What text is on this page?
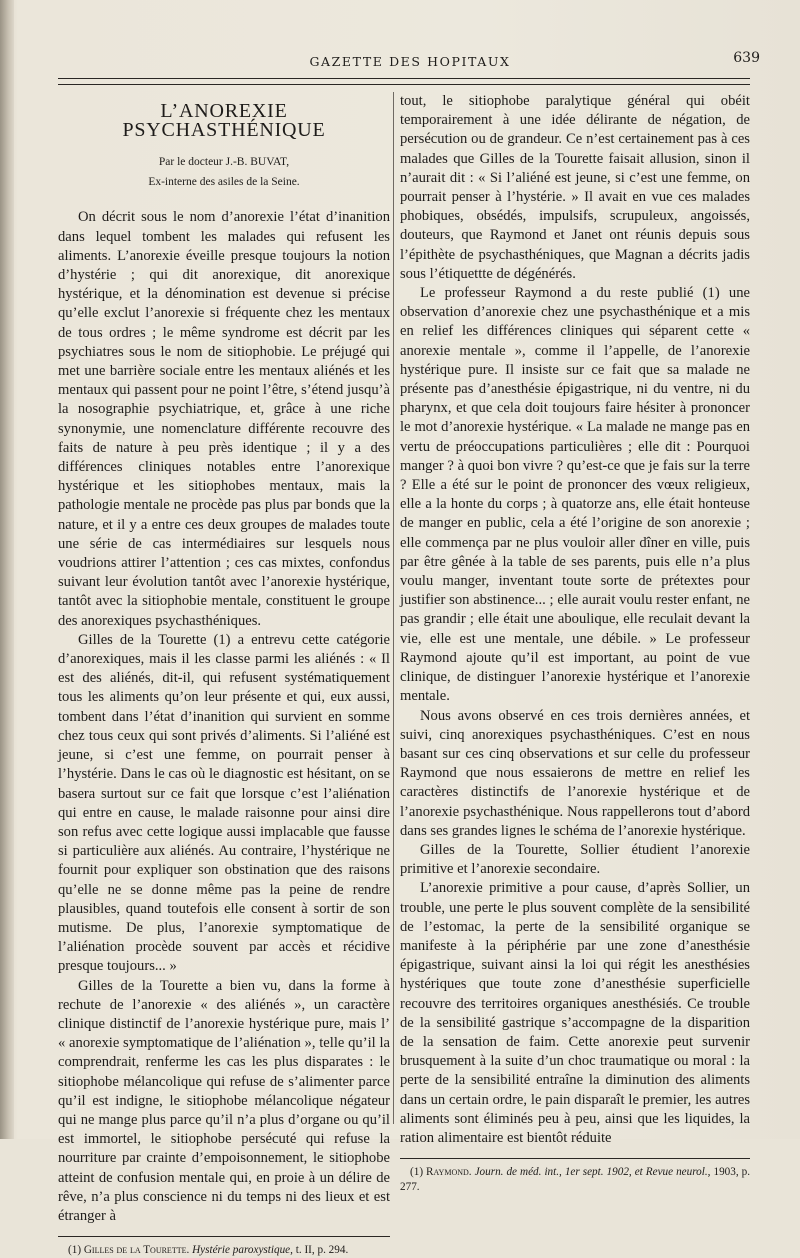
GAZETTE DES HOPITAUX	639
L’ANOREXIE PSYCHASTHÉNIQUE
Par le docteur J.-B. BUVAT,
Ex-interne des asiles de la Seine.

On décrit sous le nom d’anorexie l’état d’inanition dans lequel tombent les malades qui refusent les aliments. L’anorexie éveille presque toujours la notion d’hystérie ; qui dit anorexique, dit anorexique hystérique, et la dénomination est devenue si précise qu’elle exclut l’anorexie si fréquente chez les mentaux de tous ordres ; le même syndrome est décrit par les psychiatres sous le nom de sitiophobie. Le préjugé qui met une barrière sociale entre les mentaux aliénés et les mentaux qui passent pour ne point l’être, s’étend jusqu’à la nosographie psychiatrique, et, grâce à une riche synonymie, une nomenclature différente recouvre des faits de nature à peu près identique ; il y a des différences cliniques notables entre l’anorexique hystérique et les sitiophobes mentaux, mais la pathologie mentale ne procède pas plus par bonds que la nature, et il y a entre ces deux groupes de malades toute une série de cas intermédiaires sur lesquels nous voudrions attirer l’attention ; ces cas mixtes, confondus suivant leur évolution tantôt avec l’anorexie hystérique, tantôt avec la sitiophobie mentale, constituent le groupe des anorexiques psychasthéniques.

Gilles de la Tourette (1) a entrevu cette catégorie d’anorexiques, mais il les classe parmi les aliénés : « Il est des aliénés, dit-il, qui refusent systématiquement tous les aliments qu’on leur présente et qui, eux aussi, tombent dans l’état d’inanition qui survient en somme chez tous ceux qui sont privés d’aliments. Si l’aliéné est jeune, si c’est une femme, on pourrait penser à l’hystérie. Dans le cas où le diagnostic est hésitant, on se basera surtout sur ce fait que lorsque c’est l’aliénation qui entre en cause, le malade raisonne pour ainsi dire son refus avec cette logique aussi implacable que fausse si particulière aux aliénés. Au contraire, l’hystérique ne fournit pour expliquer son obstination que des raisons qu’elle ne se donne même pas la peine de rendre plausibles, quand toutefois elle consent à sortir de son mutisme. De plus, l’anorexie symptomatique de l’aliénation procède souvent par accès et récidive presque toujours... »

Gilles de la Tourette a bien vu, dans la forme à rechute de l’anorexie « des aliénés », un caractère clinique distinctif de l’anorexie hystérique pure, mais l’ « anorexie symptomatique de l’aliénation », telle qu’il la comprendrait, renferme les cas les plus disparates : le sitiophobe mélancolique qui refuse de s’alimenter parce qu’il est indigne, le sitiophobe mélancolique négateur qui ne mange plus parce qu’il n’a plus d’organe ou qu’il est immortel, le sitiophobe persécuté qui refuse la nourriture par crainte d’empoisonnement, le sitiophobe atteint de confusion mentale qui, en proie à un délire de rêve, n’a plus conscience ni du temps ni des lieux et est étranger à

(1) Gilles de la Tourette. Hystérie paroxystique, t. II, p. 294.

tout, le sitiophobe paralytique général qui obéit temporairement à une idée délirante de négation, de persécution ou de grandeur. Ce n’est certainement pas à ces malades que Gilles de la Tourette faisait allusion, sinon il n’aurait dit : « Si l’aliéné est jeune, si c’est une femme, on pourrait penser à l’hystérie. » Il avait en vue ces malades phobiques, obsédés, impulsifs, scrupuleux, angoissés, douteurs, que Raymond et Janet ont réunis depuis sous l’épithète de psychasthéniques, que Magnan a décrits jadis sous l’étiquettte de dégénérés.

Le professeur Raymond a du reste publié (1) une observation d’anorexie chez une psychasthénique et a mis en relief les différences cliniques qui séparent cette « anorexie mentale », comme il l’appelle, de l’anorexie hystérique pure. Il insiste sur ce fait que sa malade ne présente pas d’anesthésie épigastrique, ni du ventre, ni du pharynx, et que cela doit toujours faire hésiter à prononcer le mot d’anorexie hystérique. « La malade ne mange pas en vertu de préoccupations particulières ; elle dit : Pourquoi manger ? à quoi bon vivre ? qu’est-ce que je fais sur la terre ? Elle a été sur le point de prononcer des vœux religieux, elle a la honte du corps ; à quatorze ans, elle était honteuse de manger en public, cela a été l’origine de son anorexie ; elle commença par ne plus vouloir aller dîner en ville, puis par être gênée à la table de ses parents, puis elle n’a plus voulu manger, inventant toute sorte de prétextes pour justifier son abstinence... ; elle aurait voulu rester enfant, ne pas grandir ; elle était une aboulique, elle reculait devant la vie, elle est une mentale, une débile. » Le professeur Raymond ajoute qu’il est important, au point de vue clinique, de distinguer l’anorexie hystérique et l’anorexie mentale.

Nous avons observé en ces trois dernières années, et suivi, cinq anorexiques psychasthéniques. C’est en nous basant sur ces cinq observations et sur celle du professeur Raymond que nous essaierons de mettre en relief les caractères distinctifs de l’anorexie hystérique et de l’anorexie psychasthénique. Nous rappellerons tout d’abord dans ses grandes lignes le schéma de l’anorexie hystérique.

Gilles de la Tourette, Sollier étudient l’anorexie primitive et l’anorexie secondaire.

L’anorexie primitive a pour cause, d’après Sollier, un trouble, une perte le plus souvent complète de la sensibilité de l’estomac, la perte de la sensibilité organique se manifeste à la périphérie par une zone d’anesthésie épigastrique, suivant ainsi la loi qui régit les anesthésies hystériques que toute zone d’anesthésie superficielle recouvre des territoires organiques anesthésiés. Ce trouble de la sensibilité gastrique s’accompagne de la disparition de la sensation de faim. Cette anorexie peut survenir brusquement à la suite d’un choc traumatique ou moral : la perte de la sensibilité entraîne la diminution des aliments dans un certain ordre, le pain disparaît le premier, les autres aliments sont éliminés peu à peu, ainsi que les liquides, la ration alimentaire est bientôt réduite

(1) Raymond. Journ. de méd. int., 1er sept. 1902, et Revue neurol., 1903, p. 277.
